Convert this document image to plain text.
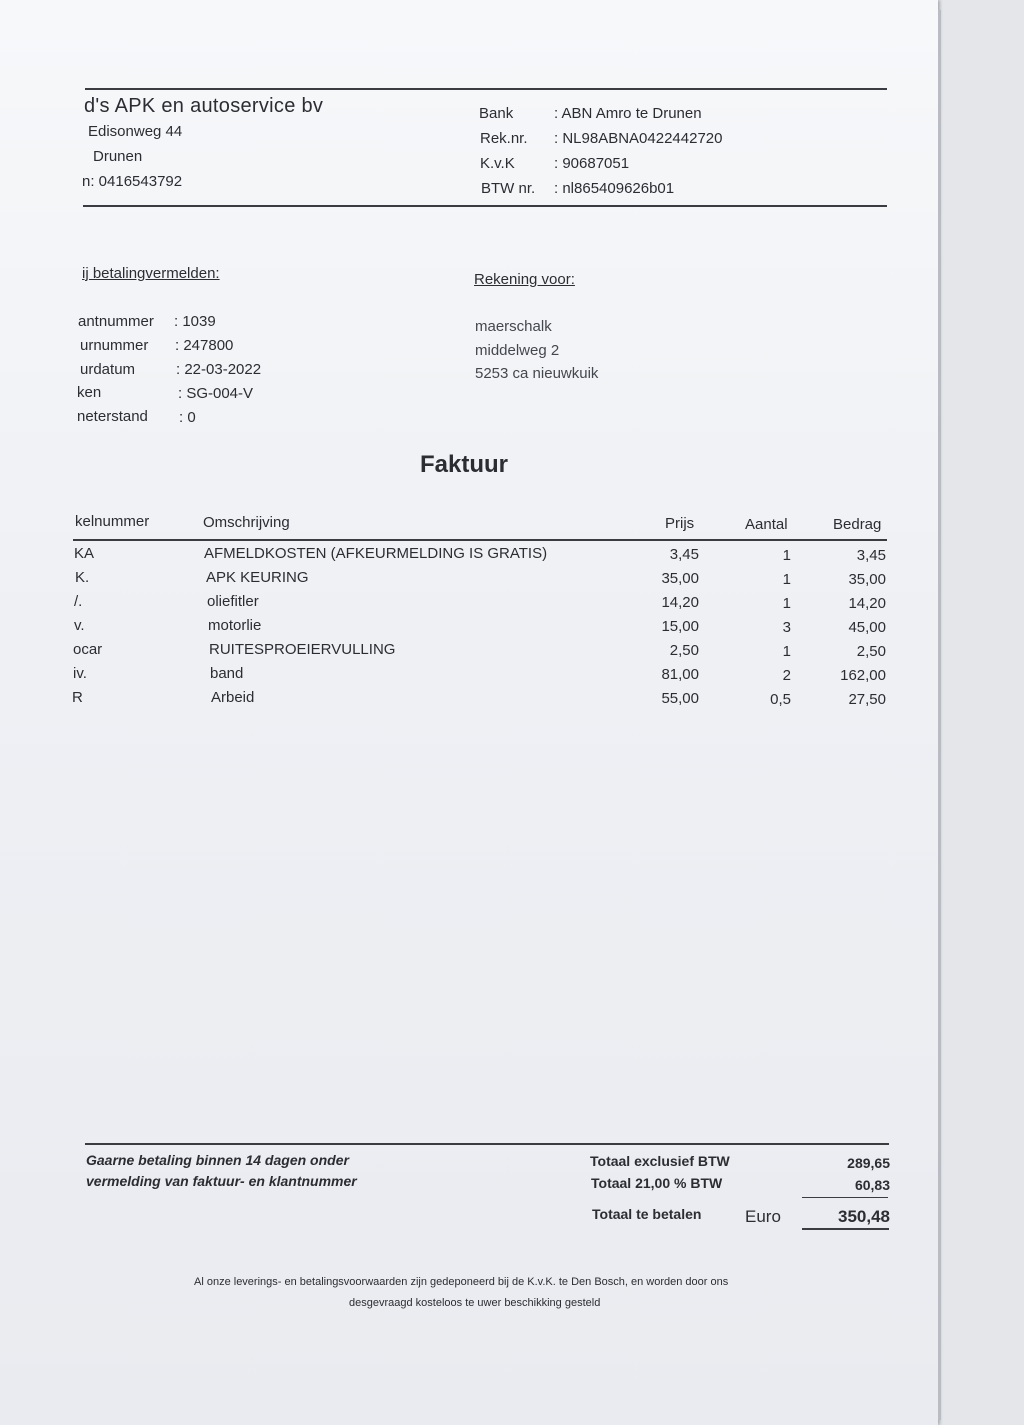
d's APK en autoservice bv
Edisonweg 44
Drunen
n: 0416543792
Bank	: ABN Amro te Drunen
Rek.nr. : NL98ABNA0422442720
K.v.K	: 90687051
BTW nr. : nl865409626b01
ij betalingvermelden:	Rekening voor:
antnummer : 1039
urnummer : 247800
urdatum	: 22-03-2022
ken	: SG-004-V
neterstand : 0
maerschalk
middelweg 2
5253 ca nieuwkuik
Faktuur
kelnummer	Omschrijving	Prijs	Aantal	Bedrag
KA	AFMELDKOSTEN (AFKEURMELDING IS GRATIS)	3,45	1	3,45
K.	APK KEURING	35,00	1	35,00
/.	oliefitler	14,20	1	14,20
v.	motorlie	15,00	3	45,00
ocar	RUITESPROEIERVULLING	2,50	1	2,50
iv.	band	81,00	2	162,00
R	Arbeid	55,00	0,5	27,50
Gaarne betaling binnen 14 dagen onder
vermelding van faktuur- en klantnummer
Totaal exclusief BTW	289,65
Totaal 21,00 % BTW	60,83
Totaal te betalen	Euro	350,48
Al onze leverings- en betalingsvoorwaarden zijn gedeponeerd bij de K.v.K. te Den Bosch, en worden door ons
desgevraagd kosteloos te uwer beschikking gesteld
